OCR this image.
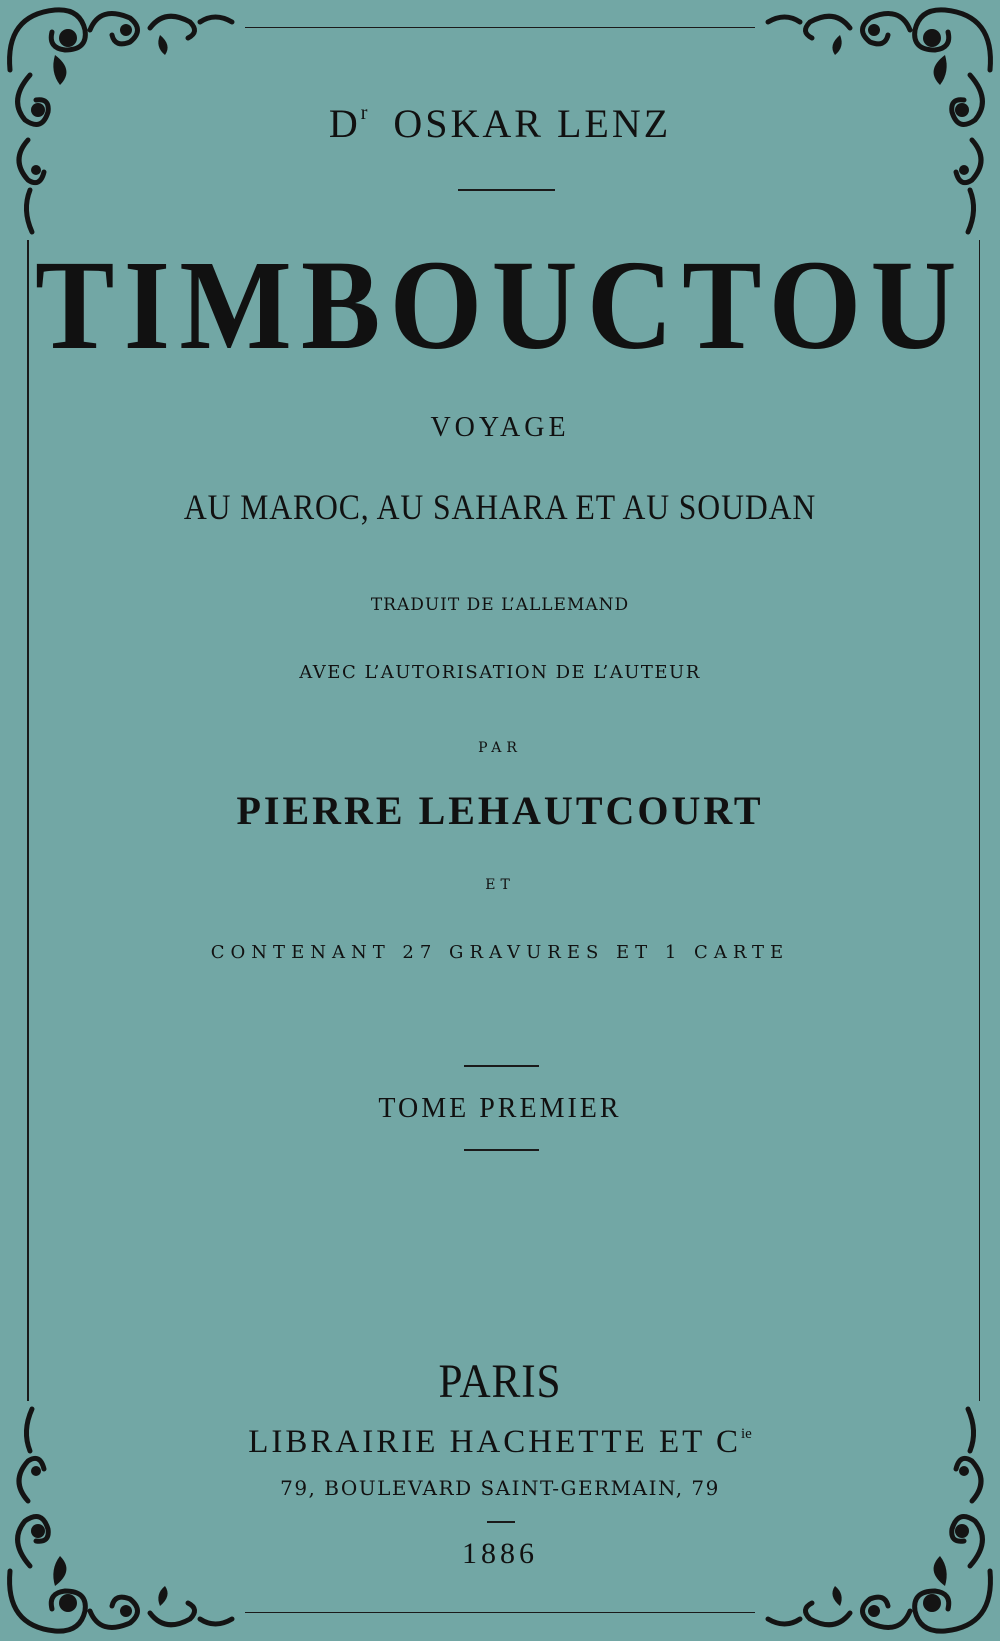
$D^r$ OSKAR LENZ
TIMBOUCTOU
VOYAGE
AU MAROC, AU SAHARA ET AU SOUDAN
TRADUIT DE L’ALLEMAND
AVEC L’AUTORISATION DE L’AUTEUR
PAR
PIERRE LEHAUTCOURT
ET
CONTENANT 27 GRAVURES ET 1 CARTE
TOME PREMIER
PARIS
LIBRAIRIE HACHETTE ET $C^{ie}$
79, BOULEVARD SAINT-GERMAIN, 79
1886
